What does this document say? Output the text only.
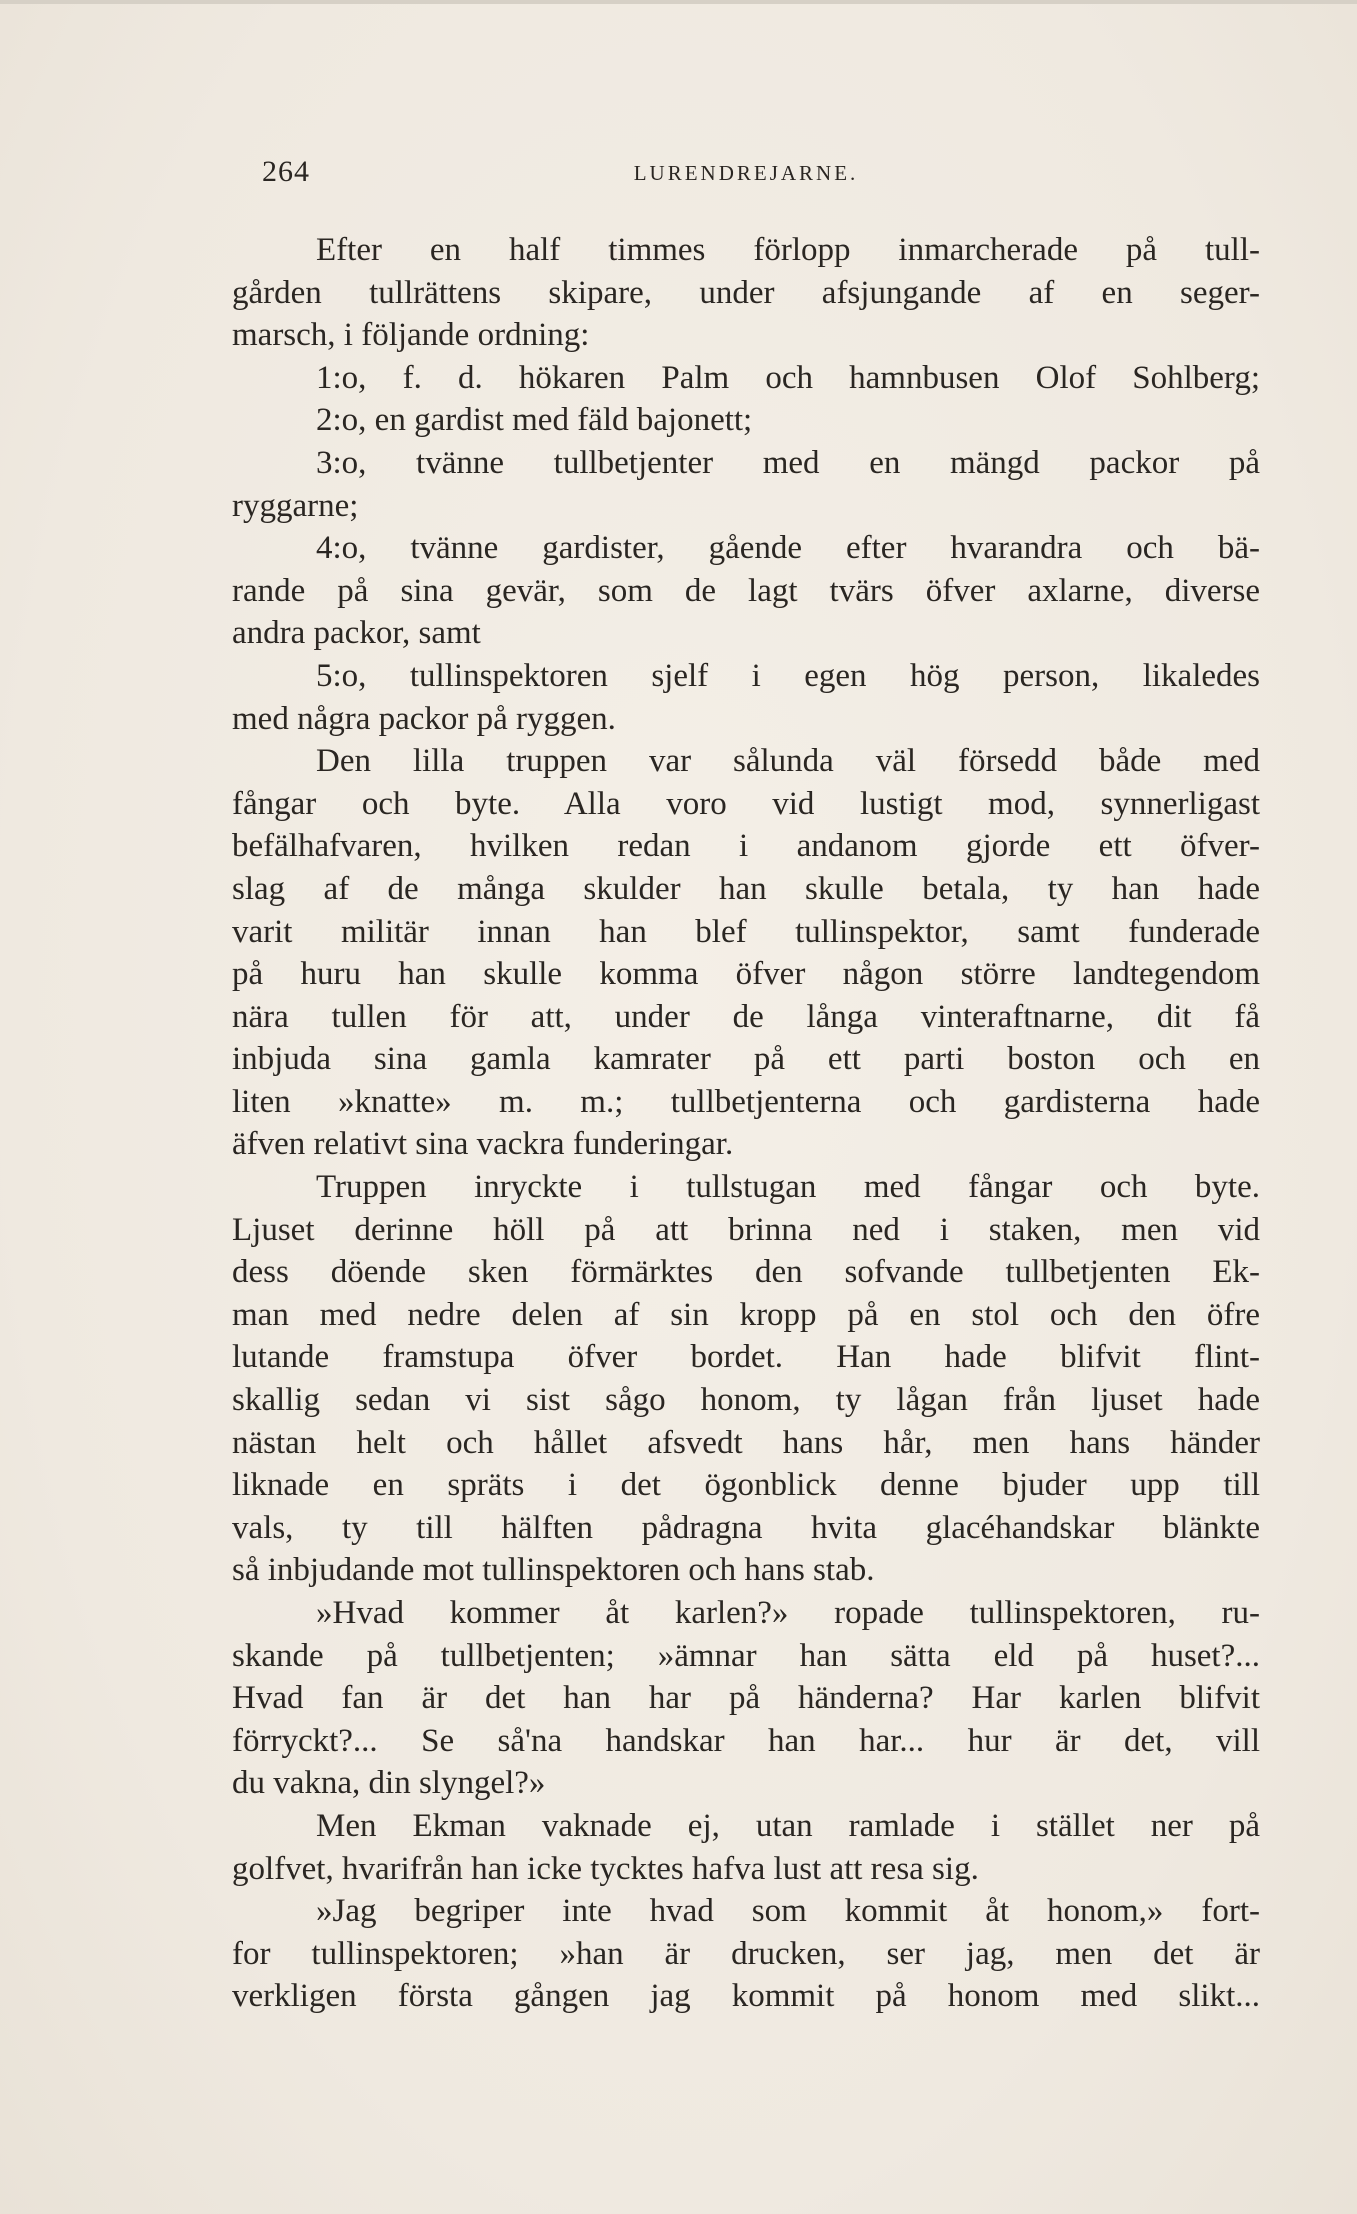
264	LURENDREJARNE.
Efter en half timmes förlopp inmarcherade på tull-
gården tullrättens skipare, under afsjungande af en seger-
marsch, i följande ordning:
1:o, f. d. hökaren Palm och hamnbusen Olof Sohlberg;
2:o, en gardist med fäld bajonett;
3:o, tvänne tullbetjenter med en mängd packor på
ryggarne;
4:o, tvänne gardister, gående efter hvarandra och bä-
rande på sina gevär, som de lagt tvärs öfver axlarne, diverse
andra packor, samt
5:o, tullinspektoren sjelf i egen hög person, likaledes
med några packor på ryggen.
Den lilla truppen var sålunda väl försedd både med
fångar och byte. Alla voro vid lustigt mod, synnerligast
befälhafvaren, hvilken redan i andanom gjorde ett öfver-
slag af de många skulder han skulle betala, ty han hade
varit militär innan han blef tullinspektor, samt funderade
på huru han skulle komma öfver någon större landtegendom
nära tullen för att, under de långa vinteraftnarne, dit få
inbjuda sina gamla kamrater på ett parti boston och en
liten »knatte» m. m.; tullbetjenterna och gardisterna hade
äfven relativt sina vackra funderingar.
Truppen inryckte i tullstugan med fångar och byte.
Ljuset derinne höll på att brinna ned i staken, men vid
dess döende sken förmärktes den sofvande tullbetjenten Ek-
man med nedre delen af sin kropp på en stol och den öfre
lutande framstupa öfver bordet. Han hade blifvit flint-
skallig sedan vi sist sågo honom, ty lågan från ljuset hade
nästan helt och hållet afsvedt hans hår, men hans händer
liknade en spräts i det ögonblick denne bjuder upp till
vals, ty till hälften pådragna hvita glacéhandskar blänkte
så inbjudande mot tullinspektoren och hans stab.
»Hvad kommer åt karlen?» ropade tullinspektoren, ru-
skande på tullbetjenten; »ämnar han sätta eld på huset?...
Hvad fan är det han har på händerna? Har karlen blifvit
förryckt?... Se så'na handskar han har... hur är det, vill
du vakna, din slyngel?»
Men Ekman vaknade ej, utan ramlade i stället ner på
golfvet, hvarifrån han icke tycktes hafva lust att resa sig.
»Jag begriper inte hvad som kommit åt honom,» fort-
for tullinspektoren; »han är drucken, ser jag, men det är
verkligen första gången jag kommit på honom med slikt...
